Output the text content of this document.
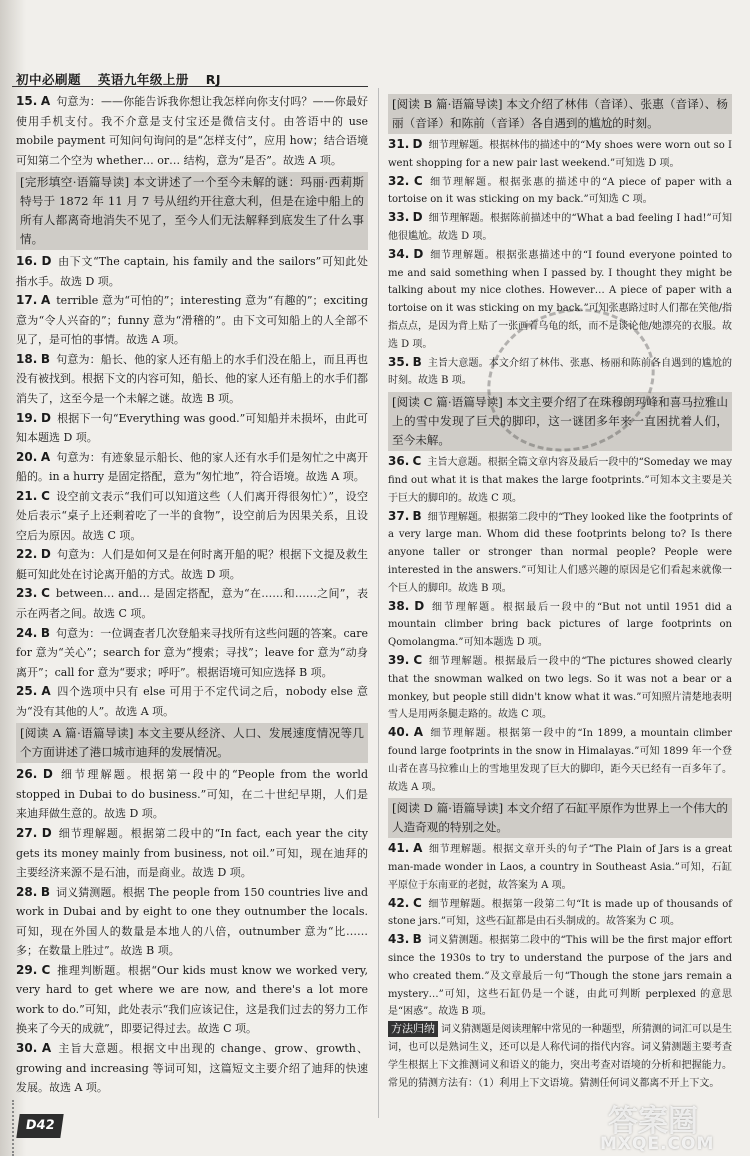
初中必刷题 英语九年级上册 RJ
15. A 句意为：——你能告诉我你想让我怎样向你支付吗？——你最好使用手机支付。我不介意是支付宝还是微信支付。由答语中的 use mobile payment 可知问句询问的是“怎样支付”，应用 how；结合语境可知第二个空为 whether… or… 结构，意为“是否”。故选 A 项。
[完形填空·语篇导读] 本文讲述了一个至今未解的谜：玛丽·西莉斯特号于 1872 年 11 月 7 号从纽约开往意大利，但是在途中船上的所有人都离奇地消失不见了，至今人们无法解释到底发生了什么事情。
16. D 由下文“The captain, his family and the sailors”可知此处指水手。故选 D 项。
17. A terrible 意为“可怕的”；interesting 意为“有趣的”；exciting 意为“令人兴奋的”；funny 意为“滑稽的”。由下文可知船上的人全部不见了，是可怕的事情。故选 A 项。
18. B 句意为：船长、他的家人还有船上的水手们没在船上，而且再也没有被找到。根据下文的内容可知，船长、他的家人还有船上的水手们都消失了，这至今是一个未解之谜。故选 B 项。
19. D 根据下一句“Everything was good.”可知船并未损坏，由此可知本题选 D 项。
20. A 句意为：有迹象显示船长、他的家人还有水手们是匆忙之中离开船的。in a hurry 是固定搭配，意为“匆忙地”，符合语境。故选 A 项。
21. C 设空前文表示“我们可以知道这些（人们离开得很匆忙）”，设空处后表示“桌子上还剩着吃了一半的食物”，设空前后为因果关系，且设空后为原因。故选 C 项。
22. D 句意为：人们是如何又是在何时离开船的呢？根据下文提及救生艇可知此处在讨论离开船的方式。故选 D 项。
23. C between… and… 是固定搭配，意为“在……和……之间”，表示在两者之间。故选 C 项。
24. B 句意为：一位调查者几次登船来寻找所有这些问题的答案。care for 意为“关心”；search for 意为“搜索；寻找”；leave for 意为“动身离开”；call for 意为“要求；呼吁”。根据语境可知应选择 B 项。
25. A 四个选项中只有 else 可用于不定代词之后，nobody else 意为“没有其他的人”。故选 A 项。
[阅读 A 篇·语篇导读] 本文主要从经济、人口、发展速度情况等几个方面讲述了港口城市迪拜的发展情况。
26. D 细节理解题。根据第一段中的“People from the world stopped in Dubai to do business.”可知，在二十世纪早期，人们是来迪拜做生意的。故选 D 项。
27. D 细节理解题。根据第二段中的“In fact, each year the city gets its money mainly from business, not oil.”可知，现在迪拜的主要经济来源不是石油，而是商业。故选 D 项。
28. B 词义猜测题。根据 The people from 150 countries live and work in Dubai and by eight to one they outnumber the locals. 可知，现在外国人的数量是本地人的八倍，outnumber 意为“比……多；在数量上胜过”。故选 B 项。
29. C 推理判断题。根据“Our kids must know we worked very, very hard to get where we are now, and there's a lot more work to do.”可知，此处表示“我们应该记住，这是我们过去的努力工作换来了今天的成就”，即要记得过去。故选 C 项。
30. A 主旨大意题。根据文中出现的 change、grow、growth、growing and increasing 等词可知，这篇短文主要介绍了迪拜的快速发展。故选 A 项。
[阅读 B 篇·语篇导读] 本文介绍了林伟（音译）、张惠（音译）、杨丽（音译）和陈前（音译）各自遇到的尴尬的时刻。
31. D 细节理解题。根据林伟的描述中的“My shoes were worn out so I went shopping for a new pair last weekend.”可知选 D 项。
32. C 细节理解题。根据张惠的描述中的“A piece of paper with a tortoise on it was sticking on my back.”可知选 C 项。
33. D 细节理解题。根据陈前描述中的“What a bad feeling I had!”可知他很尴尬。故选 D 项。
34. D 细节理解题。根据张惠描述中的“I found everyone pointed to me and said something when I passed by. I thought they might be talking about my nice clothes. However… A piece of paper with a tortoise on it was sticking on my back.”可知张惠路过时人们都在笑他/指指点点，是因为背上贴了一张画着乌龟的纸，而不是谈论他/她漂亮的衣服。故选 D 项。
35. B 主旨大意题。本文介绍了林伟、张惠、杨丽和陈前各自遇到的尴尬的时刻。故选 B 项。
[阅读 C 篇·语篇导读] 本文主要介绍了在珠穆朗玛峰和喜马拉雅山上的雪中发现了巨大的脚印，这一谜团多年来一直困扰着人们，至今未解。
36. C 主旨大意题。根据全篇文章内容及最后一段中的“Someday we may find out what it is that makes the large footprints.”可知本文主要是关于巨大的脚印的。故选 C 项。
37. B 细节理解题。根据第二段中的“They looked like the footprints of a very large man. Whom did these footprints belong to? Is there anyone taller or stronger than normal people? People were interested in the answers.”可知让人们感兴趣的原因是它们看起来就像一个巨人的脚印。故选 B 项。
38. D 细节理解题。根据最后一段中的“But not until 1951 did a mountain climber bring back pictures of large footprints on Qomolangma.”可知本题选 D 项。
39. C 细节理解题。根据最后一段中的“The pictures showed clearly that the snowman walked on two legs. So it was not a bear or a monkey, but people still didn't know what it was.”可知照片清楚地表明雪人是用两条腿走路的。故选 C 项。
40. A 细节理解题。根据第一段中的“In 1899, a mountain climber found large footprints in the snow in Himalayas.”可知 1899 年一个登山者在喜马拉雅山上的雪地里发现了巨大的脚印，距今天已经有一百多年了。故选 A 项。
[阅读 D 篇·语篇导读] 本文介绍了石缸平原作为世界上一个伟大的人造奇观的特别之处。
41. A 细节理解题。根据文章开头的句子“The Plain of Jars is a great man-made wonder in Laos, a country in Southeast Asia.”可知，石缸平原位于东南亚的老挝，故答案为 A 项。
42. C 细节理解题。根据第一段第二句“It is made up of thousands of stone jars.”可知，这些石缸都是由石头制成的。故答案为 C 项。
43. B 词义猜测题。根据第二段中的“This will be the first major effort since the 1930s to try to understand the purpose of the jars and who created them.”及文章最后一句“Though the stone jars remain a mystery…”可知，这些石缸仍是一个谜，由此可判断 perplexed 的意思是“困惑”。故选 B 项。
方法归纳 词义猜测题是阅读理解中常见的一种题型，所猜测的词汇可以是生词，也可以是熟词生义，还可以是人称代词的指代内容。词义猜测题主要考查学生根据上下文推测词义和语义的能力，突出考查对语境的分析和把握能力。常见的猜测方法有：（1）利用上下文语境。猜测任何词义都离不开上下文。
D42	答案圈
MXQE.COM
